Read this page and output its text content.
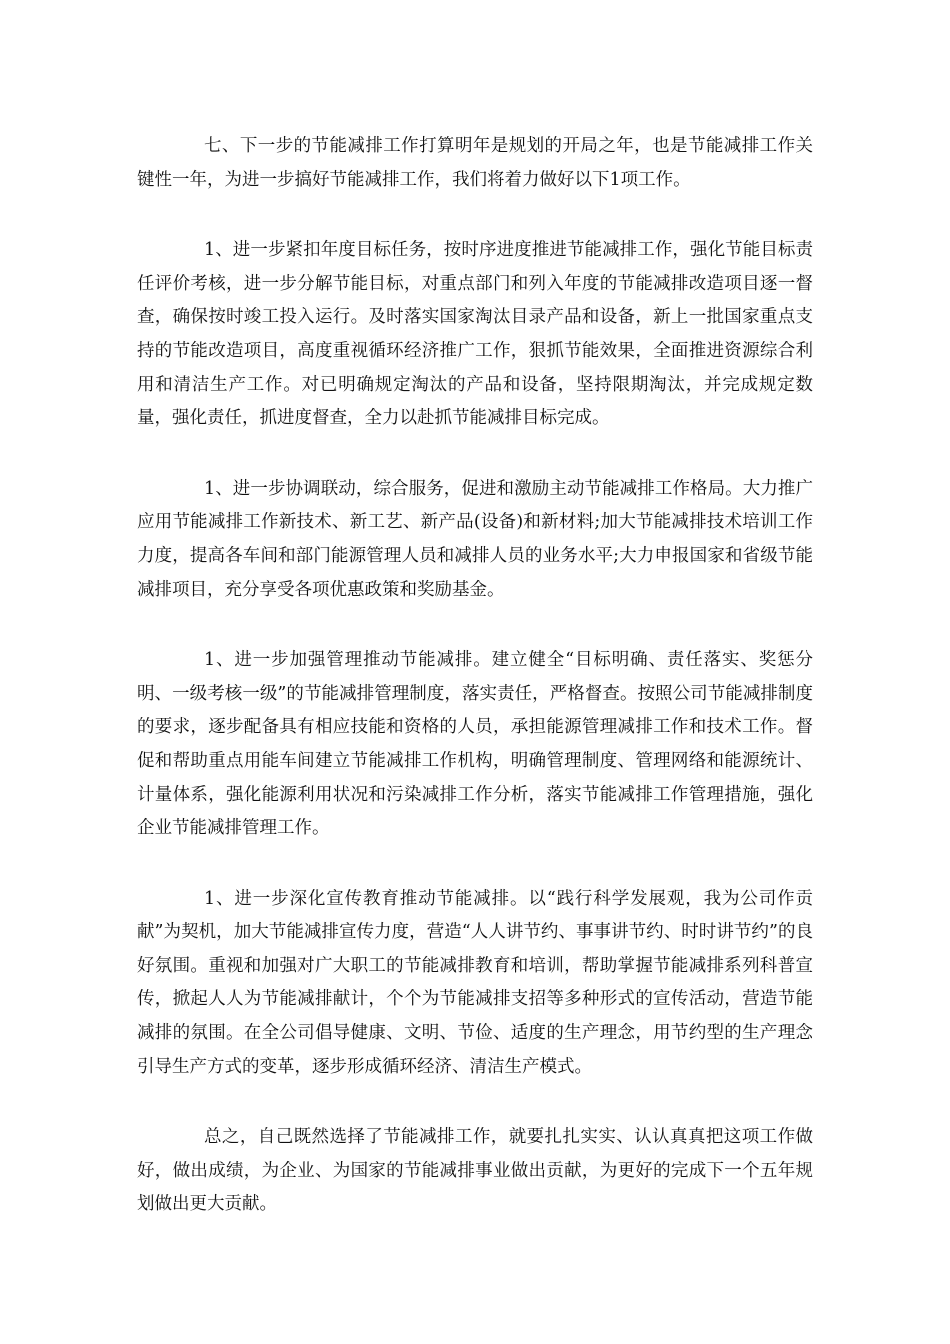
七、下一步的节能减排工作打算明年是规划的开局之年，也是节能减排工作关键性一年，为进一步搞好节能减排工作，我们将着力做好以下1项工作。

1、进一步紧扣年度目标任务，按时序进度推进节能减排工作，强化节能目标责任评价考核，进一步分解节能目标，对重点部门和列入年度的节能减排改造项目逐一督查，确保按时竣工投入运行。及时落实国家淘汰目录产品和设备，新上一批国家重点支持的节能改造项目，高度重视循环经济推广工作，狠抓节能效果，全面推进资源综合利用和清洁生产工作。对已明确规定淘汰的产品和设备，坚持限期淘汰，并完成规定数量，强化责任，抓进度督查，全力以赴抓节能减排目标完成。

1、进一步协调联动，综合服务，促进和激励主动节能减排工作格局。大力推广应用节能减排工作新技术、新工艺、新产品(设备)和新材料;加大节能减排技术培训工作力度，提高各车间和部门能源管理人员和减排人员的业务水平;大力申报国家和省级节能减排项目，充分享受各项优惠政策和奖励基金。

1、进一步加强管理推动节能减排。建立健全“目标明确、责任落实、奖惩分明、一级考核一级”的节能减排管理制度，落实责任，严格督查。按照公司节能减排制度的要求，逐步配备具有相应技能和资格的人员，承担能源管理减排工作和技术工作。督促和帮助重点用能车间建立节能减排工作机构，明确管理制度、管理网络和能源统计、计量体系，强化能源利用状况和污染减排工作分析，落实节能减排工作管理措施，强化企业节能减排管理工作。

1、进一步深化宣传教育推动节能减排。以“践行科学发展观，我为公司作贡献”为契机，加大节能减排宣传力度，营造“人人讲节约、事事讲节约、时时讲节约”的良好氛围。重视和加强对广大职工的节能减排教育和培训，帮助掌握节能减排系列科普宣传，掀起人人为节能减排献计，个个为节能减排支招等多种形式的宣传活动，营造节能减排的氛围。在全公司倡导健康、文明、节俭、适度的生产理念，用节约型的生产理念引导生产方式的变革，逐步形成循环经济、清洁生产模式。

总之，自己既然选择了节能减排工作，就要扎扎实实、认认真真把这项工作做好，做出成绩，为企业、为国家的节能减排事业做出贡献，为更好的完成下一个五年规划做出更大贡献。
